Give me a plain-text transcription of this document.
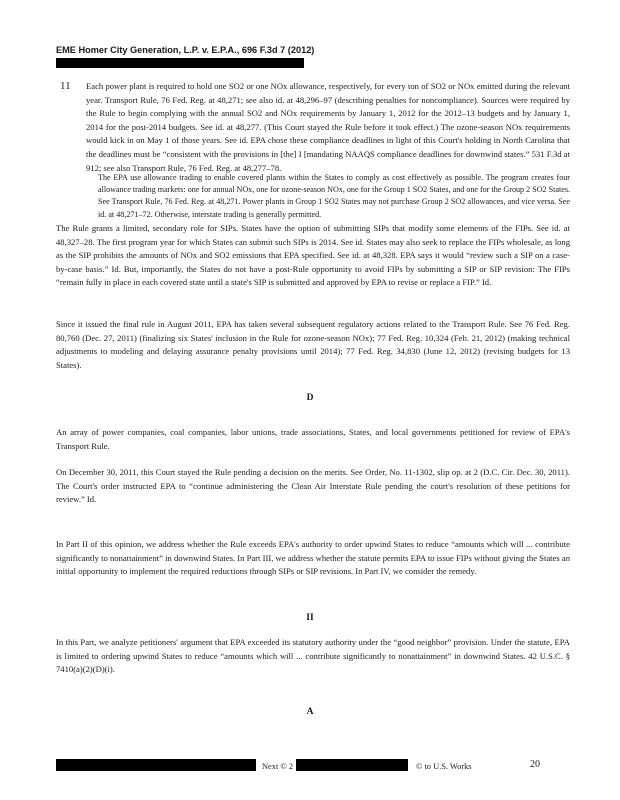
EME Homer City Generation, L.P. v. E.P.A., 696 F.3d 7 (2012)
11 Each power plant is required to hold one SO2 or one NOx allowance, respectively, for every ton of SO2 or NOx emitted during the relevant year. Transport Rule, 76 Fed. Reg. at 48,271; see also id. at 48,296–97 (describing penalties for noncompliance). Sources were required by the Rule to begin complying with the annual SO2 and NOx requirements by January 1, 2012 for the 2012–13 budgets and by January 1, 2014 for the post-2014 budgets. See id. at 48,277. (This Court stayed the Rule before it took effect.) The ozone-season NOx requirements would kick in on May 1 of those years. See id. EPA chose these compliance deadlines in light of this Court's holding in North Carolina that the deadlines must be “consistent with the provisions in [the] I [mandating NAAQS compliance deadlines for downwind states.” 531 F.3d at 912; see also Transport Rule, 76 Fed. Reg. at 48,277–78.

The EPA use allowance trading to enable covered plants within the States to comply as cost effectively as possible. The program creates four allowance trading markets: one for annual NOx, one for ozone-season NOx, one for the Group 1 SO2 States, and one for the Group 2 SO2 States. See Transport Rule, 76 Fed. Reg. at 48,271. Power plants in Group 1 SO2 States may not purchase Group 2 SO2 allowances, and vice versa. See id. at 48,271–72. Otherwise, interstate trading is generally permitted.

The Rule grants a limited, secondary role for SIPs. States have the option of submitting SIPs that modify some elements of the FIPs. See id. at 48,327–28. The first program year for which States can submit such SIPs is 2014. See id. States may also seek to replace the FIPs wholesale, as long as the SIP prohibits the amounts of NOx and SO2 emissions that EPA specified. See id. at 48,328. EPA says it would “review such a SIP on a case-by-case basis.” Id. But, importantly, the States do not have a post-Rule opportunity to avoid FIPs by submitting a SIP or SIP revision: The FIPs “remain fully in place in each covered state until a state's SIP is submitted and approved by EPA to revise or replace a FIP.” Id.

Since it issued the final rule in August 2011, EPA has taken several subsequent regulatory actions related to the Transport Rule. See 76 Fed. Reg. 80,760 (Dec. 27, 2011) (finalizing six States' inclusion in the Rule for ozone-season NOx); 77 Fed. Reg. 10,324 (Feb. 21, 2012) (making technical adjustments to modeling and delaying assurance penalty provisions until 2014); 77 Fed. Reg. 34,830 (June 12, 2012) (revising budgets for 13 States).

D

An array of power companies, coal companies, labor unions, trade associations, States, and local governments petitioned for review of EPA's Transport Rule.

On December 30, 2011, this Court stayed the Rule pending a decision on the merits. See Order, No. 11-1302, slip op. at 2 (D.C. Cir. Dec. 30, 2011). The Court's order instructed EPA to “continue administering the Clean Air Interstate Rule pending the court's resolution of these petitions for review.” Id.

In Part II of this opinion, we address whether the Rule exceeds EPA's authority to order upwind States to reduce “amounts which will ... contribute significantly to nonattainment” in downwind States. In Part III, we address whether the statute permits EPA to issue FIPs without giving the States an initial opportunity to implement the required reductions through SIPs or SIP revisions. In Part IV, we consider the remedy.

II

In this Part, we analyze petitioners' argument that EPA exceeded its statutory authority under the “good neighbor” provision. Under the statute, EPA is limited to ordering upwind States to reduce “amounts which will ... contribute significantly to nonattainment” in downwind States. 42 U.S.C. § 7410(a)(2)(D)(i).

A
Next © 2	© to U.S. Works	20
